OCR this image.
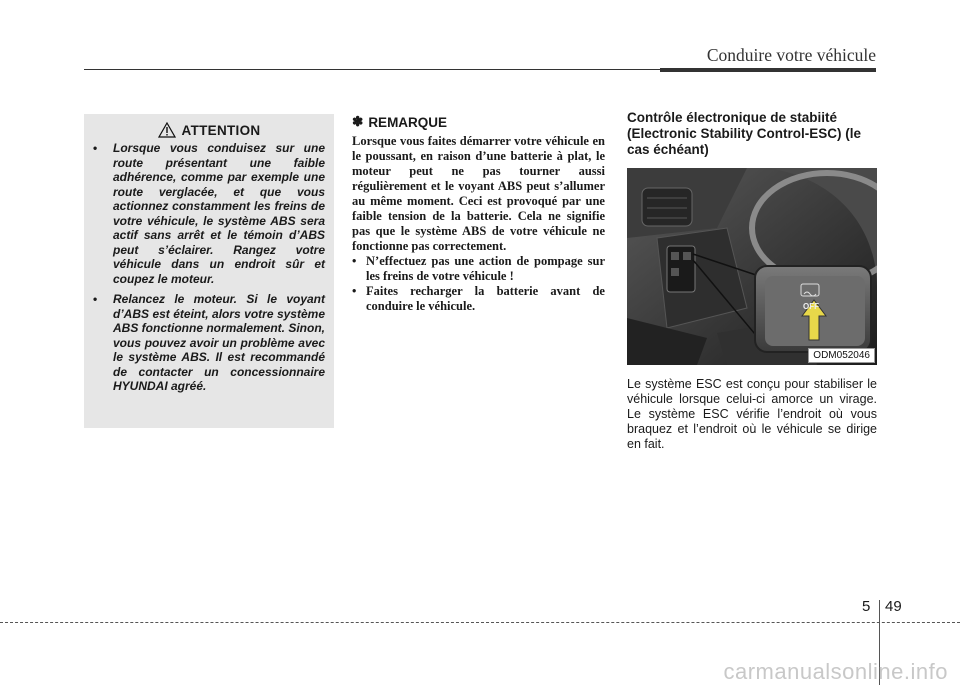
Conduire votre véhicule
ATTENTION
• Lorsque vous conduisez sur une route présentant une faible adhérence, comme par exemple une route verglacée, et que vous actionnez constamment les freins de votre véhicule, le système ABS sera actif sans arrêt et le témoin d’ABS peut s’éclairer. Rangez votre véhicule dans un endroit sûr et coupez le moteur.
• Relancez le moteur. Si le voyant d’ABS est éteint, alors votre système ABS fonctionne normalement. Sinon, vous pouvez avoir un problème avec le système ABS. Il est recommandé de contacter un concessionnaire HYUNDAI agréé.
✽ REMARQUE

Lorsque vous faites démarrer votre véhicule en le poussant, en raison d’une batterie à plat, le moteur peut ne pas tourner aussi régulièrement et le voyant ABS peut s’allumer au même moment. Ceci est provoqué par une faible tension de la batterie. Cela ne signifie pas que le système ABS de votre véhicule ne fonctionne pas correctement.

• N’effectuez pas une action de pompage sur les freins de votre véhicule !
• Faites recharger la batterie avant de conduire le véhicule.
Contrôle électronique de stabiité (Electronic Stability Control-ESC) (le cas échéant)
OFF
ODM052046
Le système ESC est conçu pour stabiliser le véhicule lorsque celui-ci amorce un virage. Le système ESC vérifie l’endroit où vous braquez et l’endroit où le véhicule se dirige en fait.
5 49
carmanualsonline.info
